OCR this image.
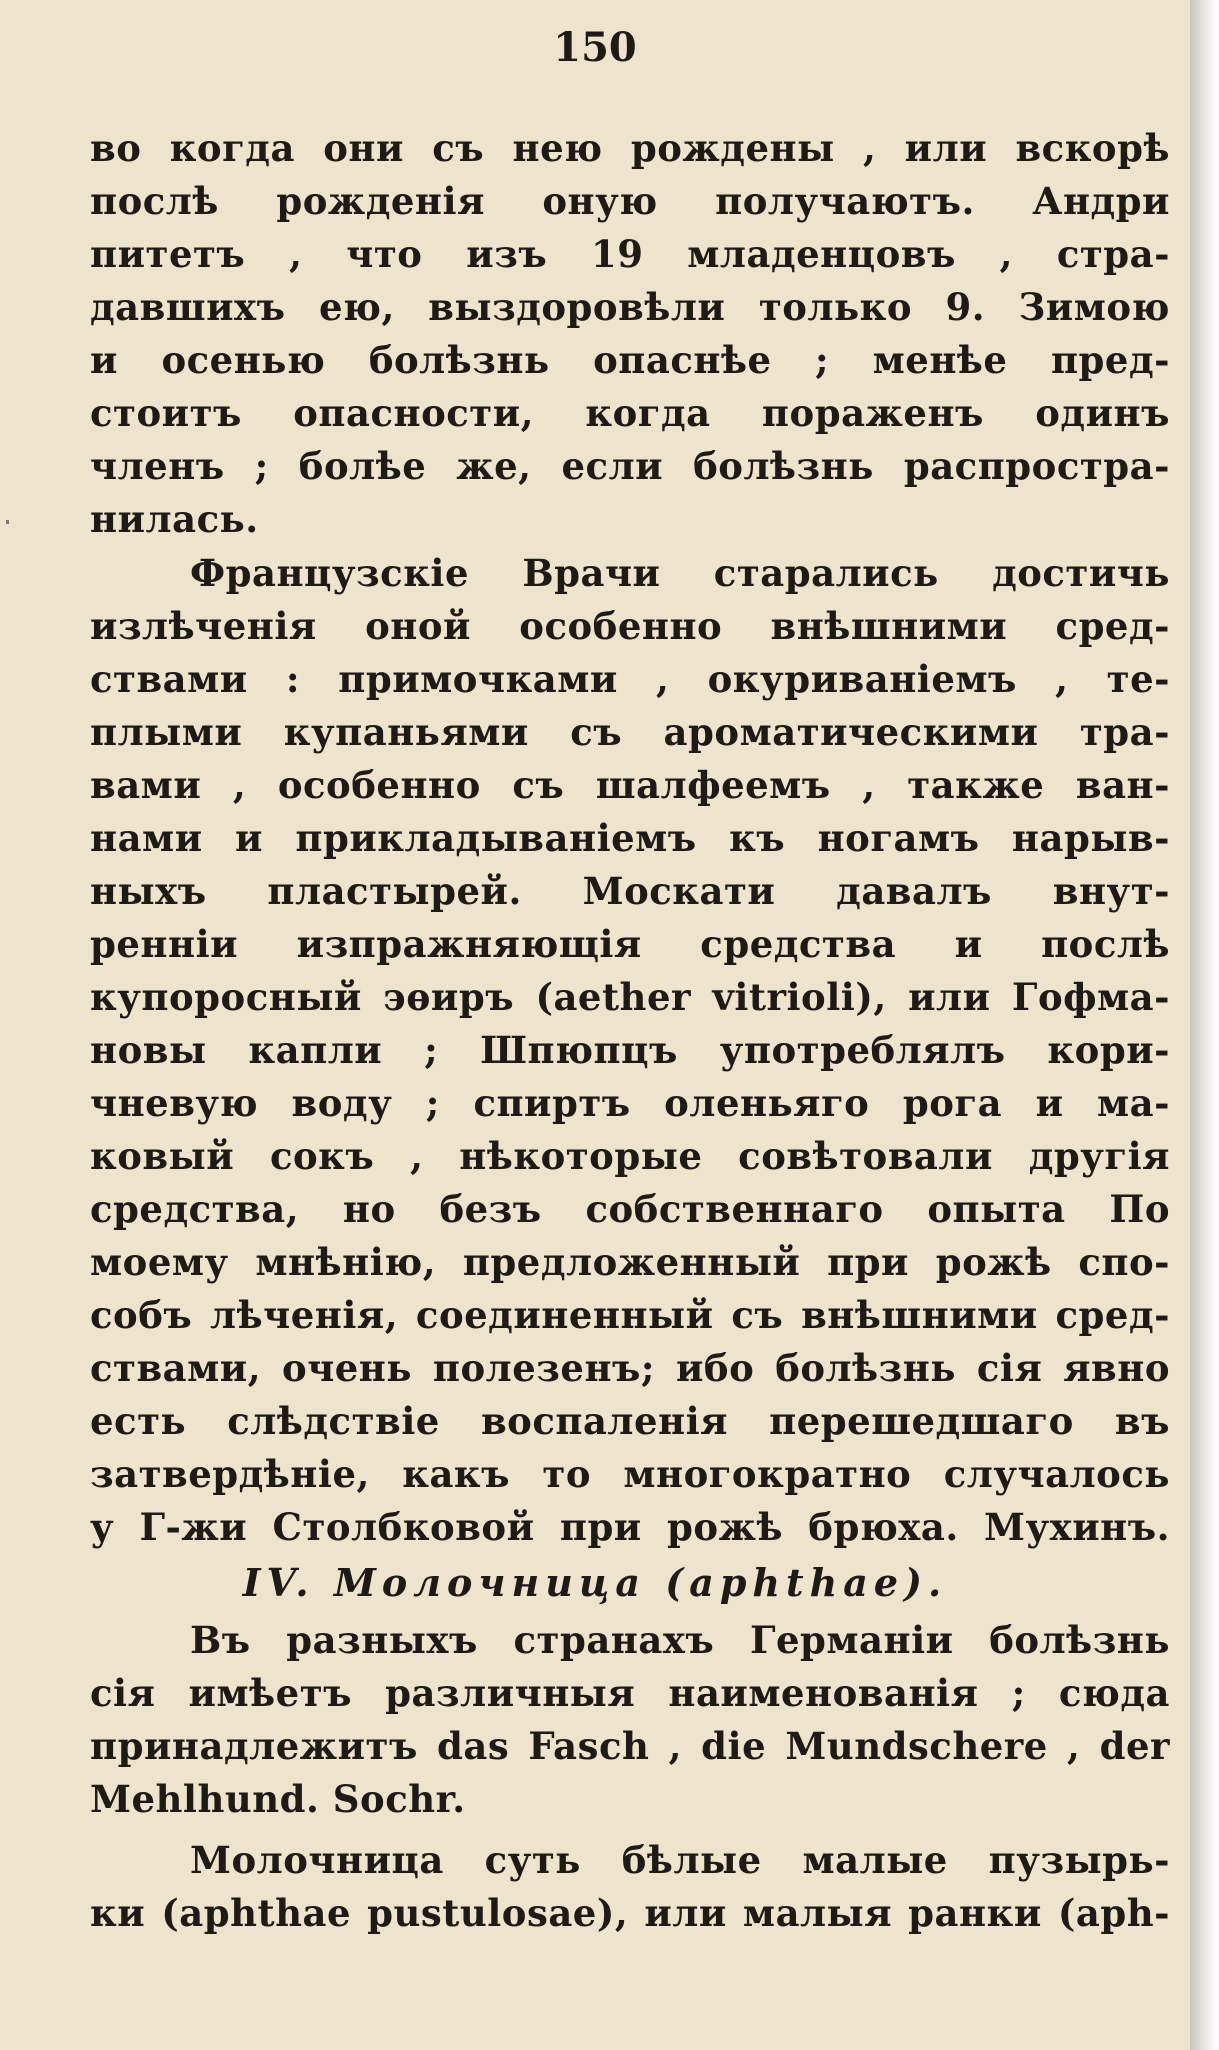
150
во когда они съ нею рождены , или вскорѣ
послѣ рожденія оную получаютъ. Андри
питетъ , что изъ 19 младенцовъ , стра-
давшихъ ею, выздоровѣли только 9. Зимою
и осенью болѣзнь опаснѣе ; менѣе пред-
стоитъ опасности, когда пораженъ одинъ
членъ ; болѣе же, если болѣзнь распростра-
нилась.
Французскіе Врачи старались достичь
излѣченія оной особенно внѣшними сред-
ствами : примочками , окуриваніемъ , те-
плыми купаньями съ ароматическими тра-
вами , особенно съ шалфеемъ , также ван-
нами и прикладываніемъ къ ногамъ нарыв-
ныхъ пластырей. Москати давалъ внут-
ренніи изпражняющія средства и послѣ
купоросный эѳиръ (aether vitrioli), или Гофма-
новы капли ; Шпюпцъ употреблялъ кори-
чневую воду ; спиртъ оленьяго рога и ма-
ковый сокъ , нѣкоторые совѣтовали другія
средства, но безъ собственнаго опыта По
моему мнѣнію, предложенный при рожѣ спо-
собъ лѣченія, соединенный съ внѣшними сред-
ствами, очень полезенъ; ибо болѣзнь сія явно
есть слѣдствіе воспаленія перешедшаго въ
затвердѣніе, какъ то многократно случалось
у Г-жи Столбковой при рожѣ брюха. Мухинъ.
Въ разныхъ странахъ Германіи болѣзнь
сія имѣетъ различныя наименованія ; сюда
принадлежитъ das Fasch , die Mundschere , der
Mehlhund. Sochr.
Молочница суть бѣлые малые пузырь-
ки (aphthae pustulosae), или малыя ранки (aph-
IV. Молочница (aphthae).
